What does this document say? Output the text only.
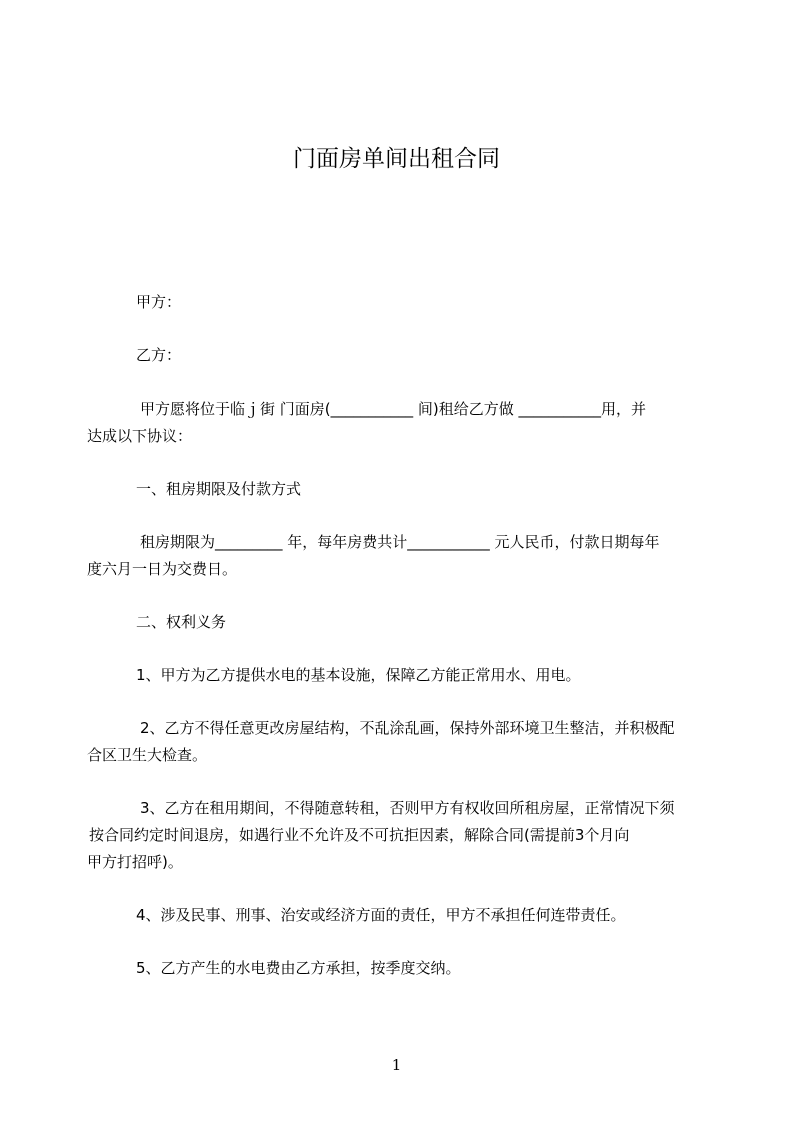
门面房单间出租合同
甲方：
乙方：
甲方愿将位于临ｊ街 门面房(___________ 间)租给乙方做 ___________用，并
达成以下协议：
一、租房期限及付款方式
租房期限为_________ 年，每年房费共计___________ 元人民币，付款日期每年
度六月一日为交费日。
二、权利义务
1、甲方为乙方提供水电的基本设施，保障乙方能正常用水、用电。
2、乙方不得任意更改房屋结构，不乱涂乱画，保持外部环境卫生整洁，并积极配
合区卫生大检查。
3、乙方在租用期间，不得随意转租，否则甲方有权收回所租房屋，正常情况下须
按合同约定时间退房，如遇行业不允许及不可抗拒因素，解除合同(需提前3个月向
甲方打招呼)。
4、涉及民事、刑事、治安或经济方面的责任，甲方不承担任何连带责任。
5、乙方产生的水电费由乙方承担，按季度交纳。
1
